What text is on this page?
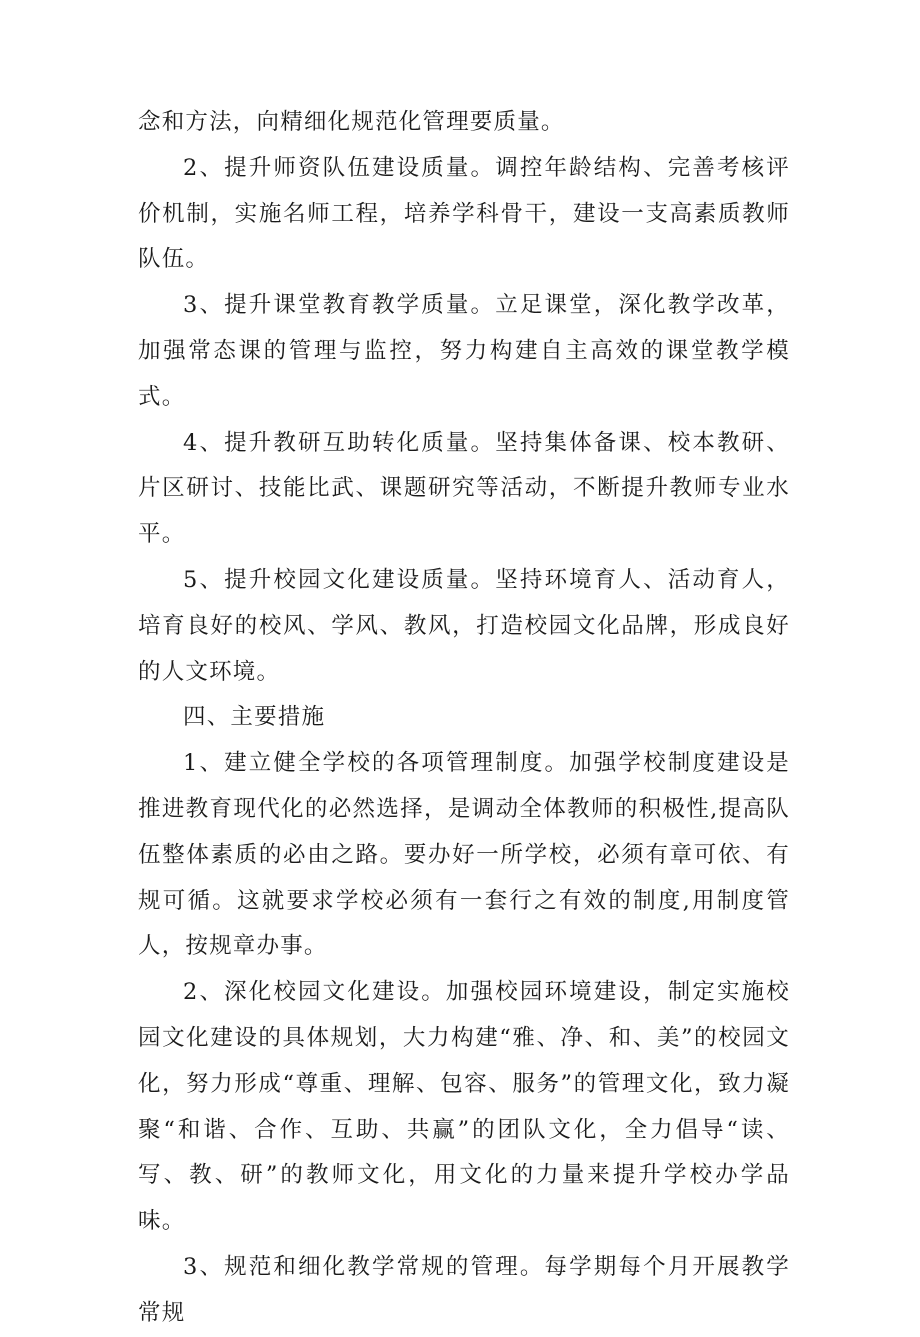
念和方法，向精细化规范化管理要质量。

2、提升师资队伍建设质量。调控年龄结构、完善考核评价机制，实施名师工程，培养学科骨干，建设一支高素质教师队伍。

3、提升课堂教育教学质量。立足课堂，深化教学改革，加强常态课的管理与监控，努力构建自主高效的课堂教学模式。

4、提升教研互助转化质量。坚持集体备课、校本教研、片区研讨、技能比武、课题研究等活动，不断提升教师专业水平。

5、提升校园文化建设质量。坚持环境育人、活动育人，培育良好的校风、学风、教风，打造校园文化品牌，形成良好的人文环境。

四、主要措施

1、建立健全学校的各项管理制度。加强学校制度建设是推进教育现代化的必然选择，是调动全体教师的积极性,提高队伍整体素质的必由之路。要办好一所学校，必须有章可依、有规可循。这就要求学校必须有一套行之有效的制度,用制度管人，按规章办事。

2、深化校园文化建设。加强校园环境建设，制定实施校园文化建设的具体规划，大力构建“雅、净、和、美”的校园文化，努力形成“尊重、理解、包容、服务”的管理文化，致力凝聚“和谐、合作、互助、共赢”的团队文化，全力倡导“读、写、教、研”的教师文化，用文化的力量来提升学校办学品味。

3、规范和细化教学常规的管理。每学期每个月开展教学常规
